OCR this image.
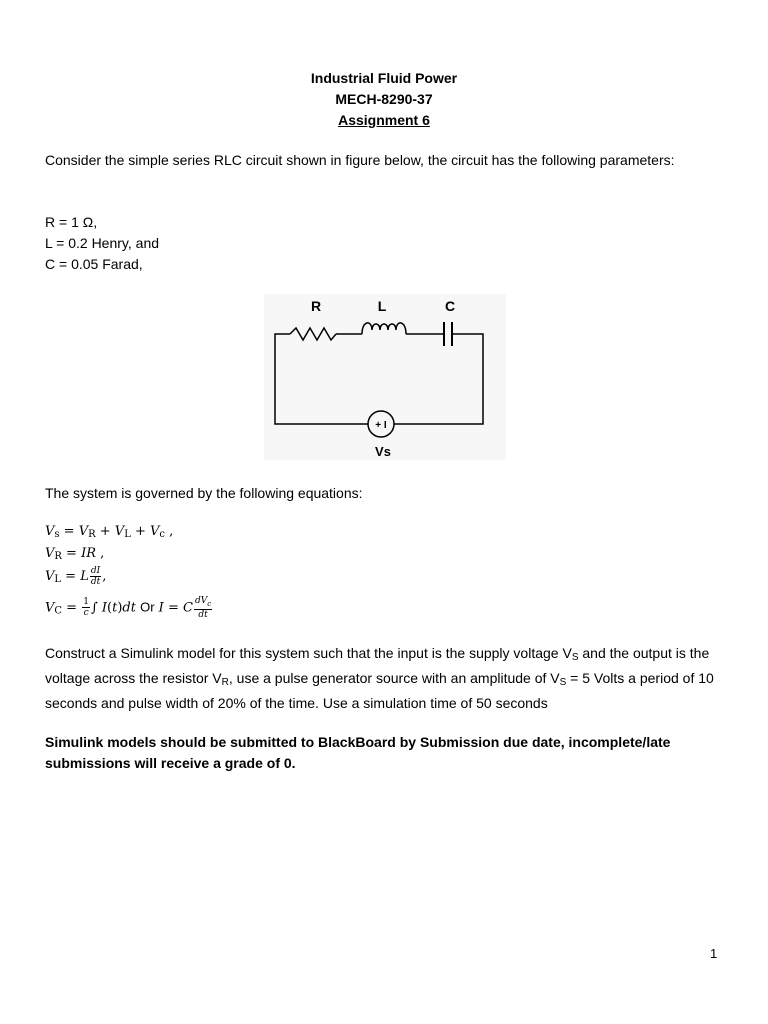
Industrial Fluid Power
MECH-8290-37
Assignment 6
Consider the simple series RLC circuit shown in figure below, the circuit has the following parameters:
R = 1 Ω,
L = 0.2 Henry, and
C = 0.05 Farad,
+ I
R	L	C
Vs
The system is governed by the following equations:
$V_s = V_R + V_L + V_c$ ,
$V_R$ = IR ,
$V_L = L \frac{dI}{dt}$ ,
$V_C = \frac{1}{c}$ ∫ I(t)dt Or I = C $\frac{dV_c}{dt}$
Construct a Simulink model for this system such that the input is the supply voltage $V_S$ and the output is the voltage across the resistor $V_R$, use a pulse generator source with an amplitude of $V_S = 5$ Volts a period of 10 seconds and pulse width of 20% of the time. Use a simulation time of 50 seconds
Simulink models should be submitted to BlackBoard by Submission due date, incomplete/late submissions will receive a grade of 0.
1
